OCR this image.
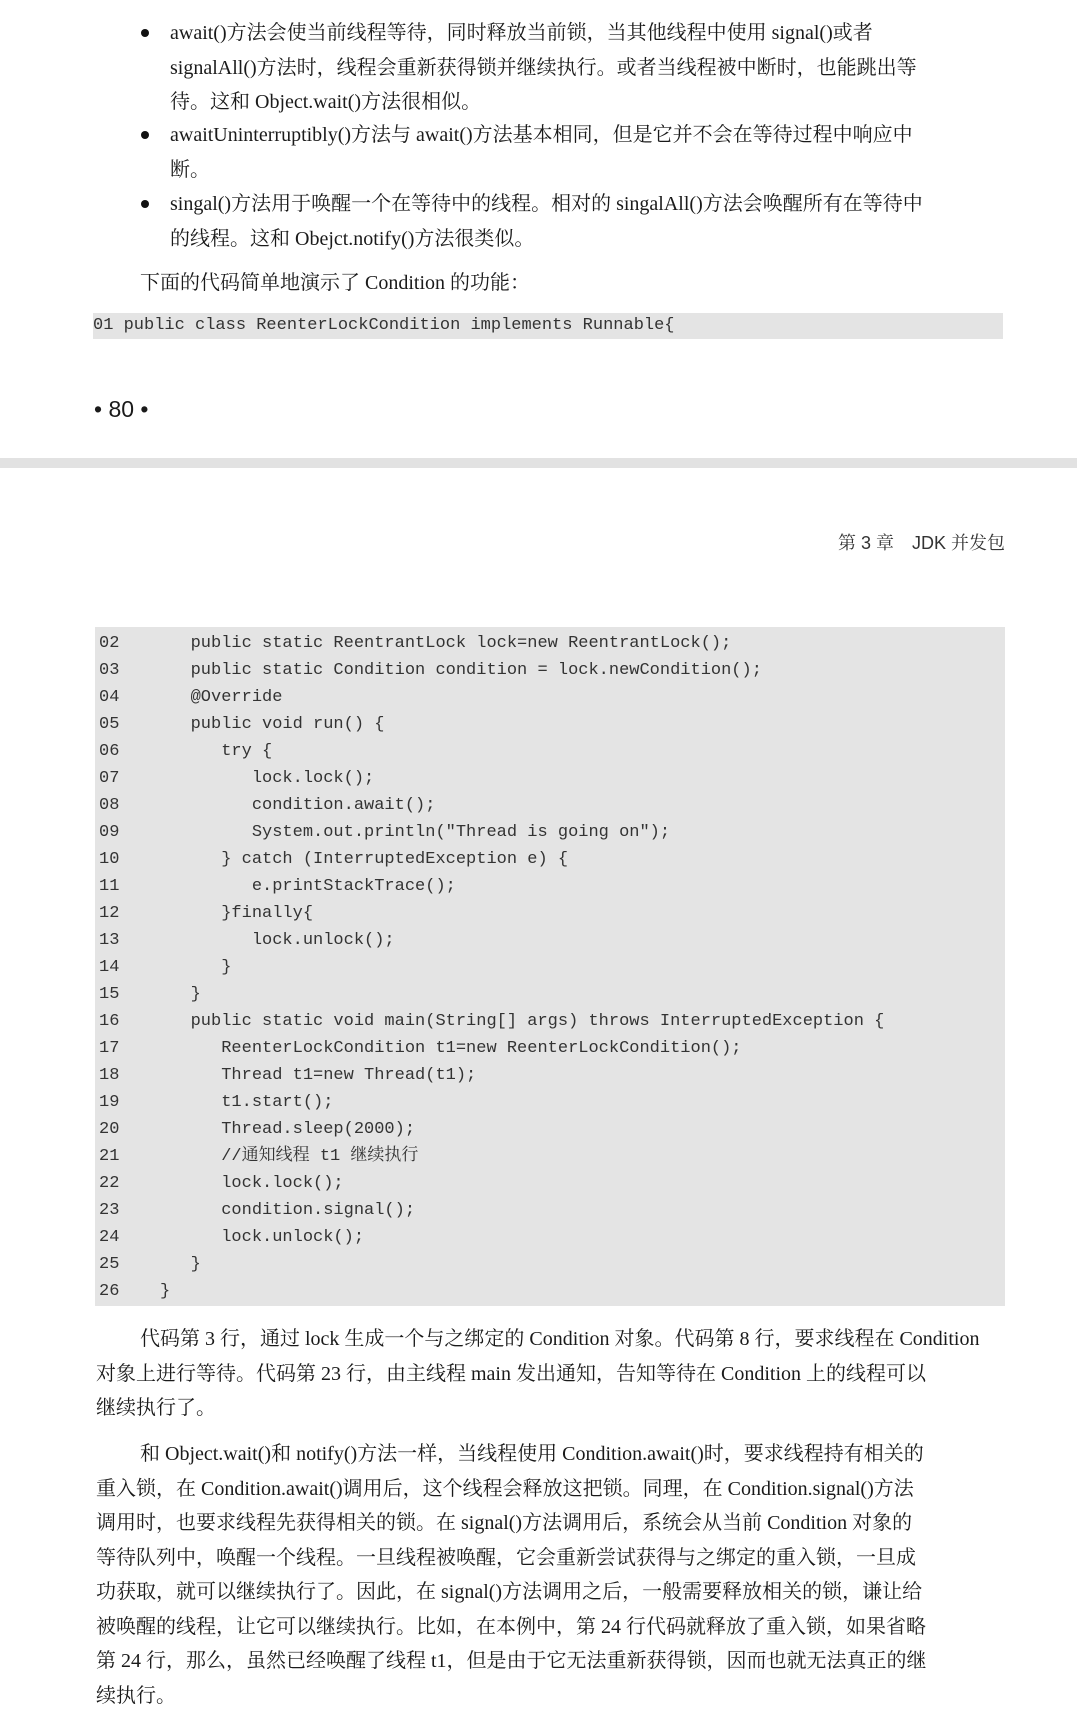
await()方法会使当前线程等待，同时释放当前锁，当其他线程中使用 signal()或者
signalAll()方法时，线程会重新获得锁并继续执行。或者当线程被中断时，也能跳出等
待。这和 Object.wait()方法很相似。
awaitUninterruptibly()方法与 await()方法基本相同，但是它并不会在等待过程中响应中
断。
singal()方法用于唤醒一个在等待中的线程。相对的 singalAll()方法会唤醒所有在等待中
的线程。这和 Obejct.notify()方法很类似。
下面的代码简单地演示了 Condition 的功能：
01 public class ReenterLockCondition implements Runnable{
• 80 •
第 3 章　JDK 并发包
02	public static ReentrantLock lock=new ReentrantLock();
03	public static Condition condition = lock.newCondition();
04	@Override
05	public void run() {
06	try {
07	lock.lock();
08	condition.await();
09	System.out.println("Thread is going on");
10	} catch (InterruptedException e) {
11	e.printStackTrace();
12	}finally{
13	lock.unlock();
14	}
15	}
16	public static void main(String[] args) throws InterruptedException {
17	ReenterLockCondition t1=new ReenterLockCondition();
18	Thread t1=new Thread(t1);
19	t1.start();
20	Thread.sleep(2000);
21	//通知线程 t1 继续执行
22	lock.lock();
23	condition.signal();
24	lock.unlock();
25	}
26	}
代码第 3 行，通过 lock 生成一个与之绑定的 Condition 对象。代码第 8 行，要求线程在 Condition
对象上进行等待。代码第 23 行，由主线程 main 发出通知，告知等待在 Condition 上的线程可以
继续执行了。
和 Object.wait()和 notify()方法一样，当线程使用 Condition.await()时，要求线程持有相关的
重入锁，在 Condition.await()调用后，这个线程会释放这把锁。同理，在 Condition.signal()方法
调用时，也要求线程先获得相关的锁。在 signal()方法调用后，系统会从当前 Condition 对象的
等待队列中，唤醒一个线程。一旦线程被唤醒，它会重新尝试获得与之绑定的重入锁，一旦成
功获取，就可以继续执行了。因此，在 signal()方法调用之后，一般需要释放相关的锁，谦让给
被唤醒的线程，让它可以继续执行。比如，在本例中，第 24 行代码就释放了重入锁，如果省略
第 24 行，那么，虽然已经唤醒了线程 t1，但是由于它无法重新获得锁，因而也就无法真正的继
续执行。
